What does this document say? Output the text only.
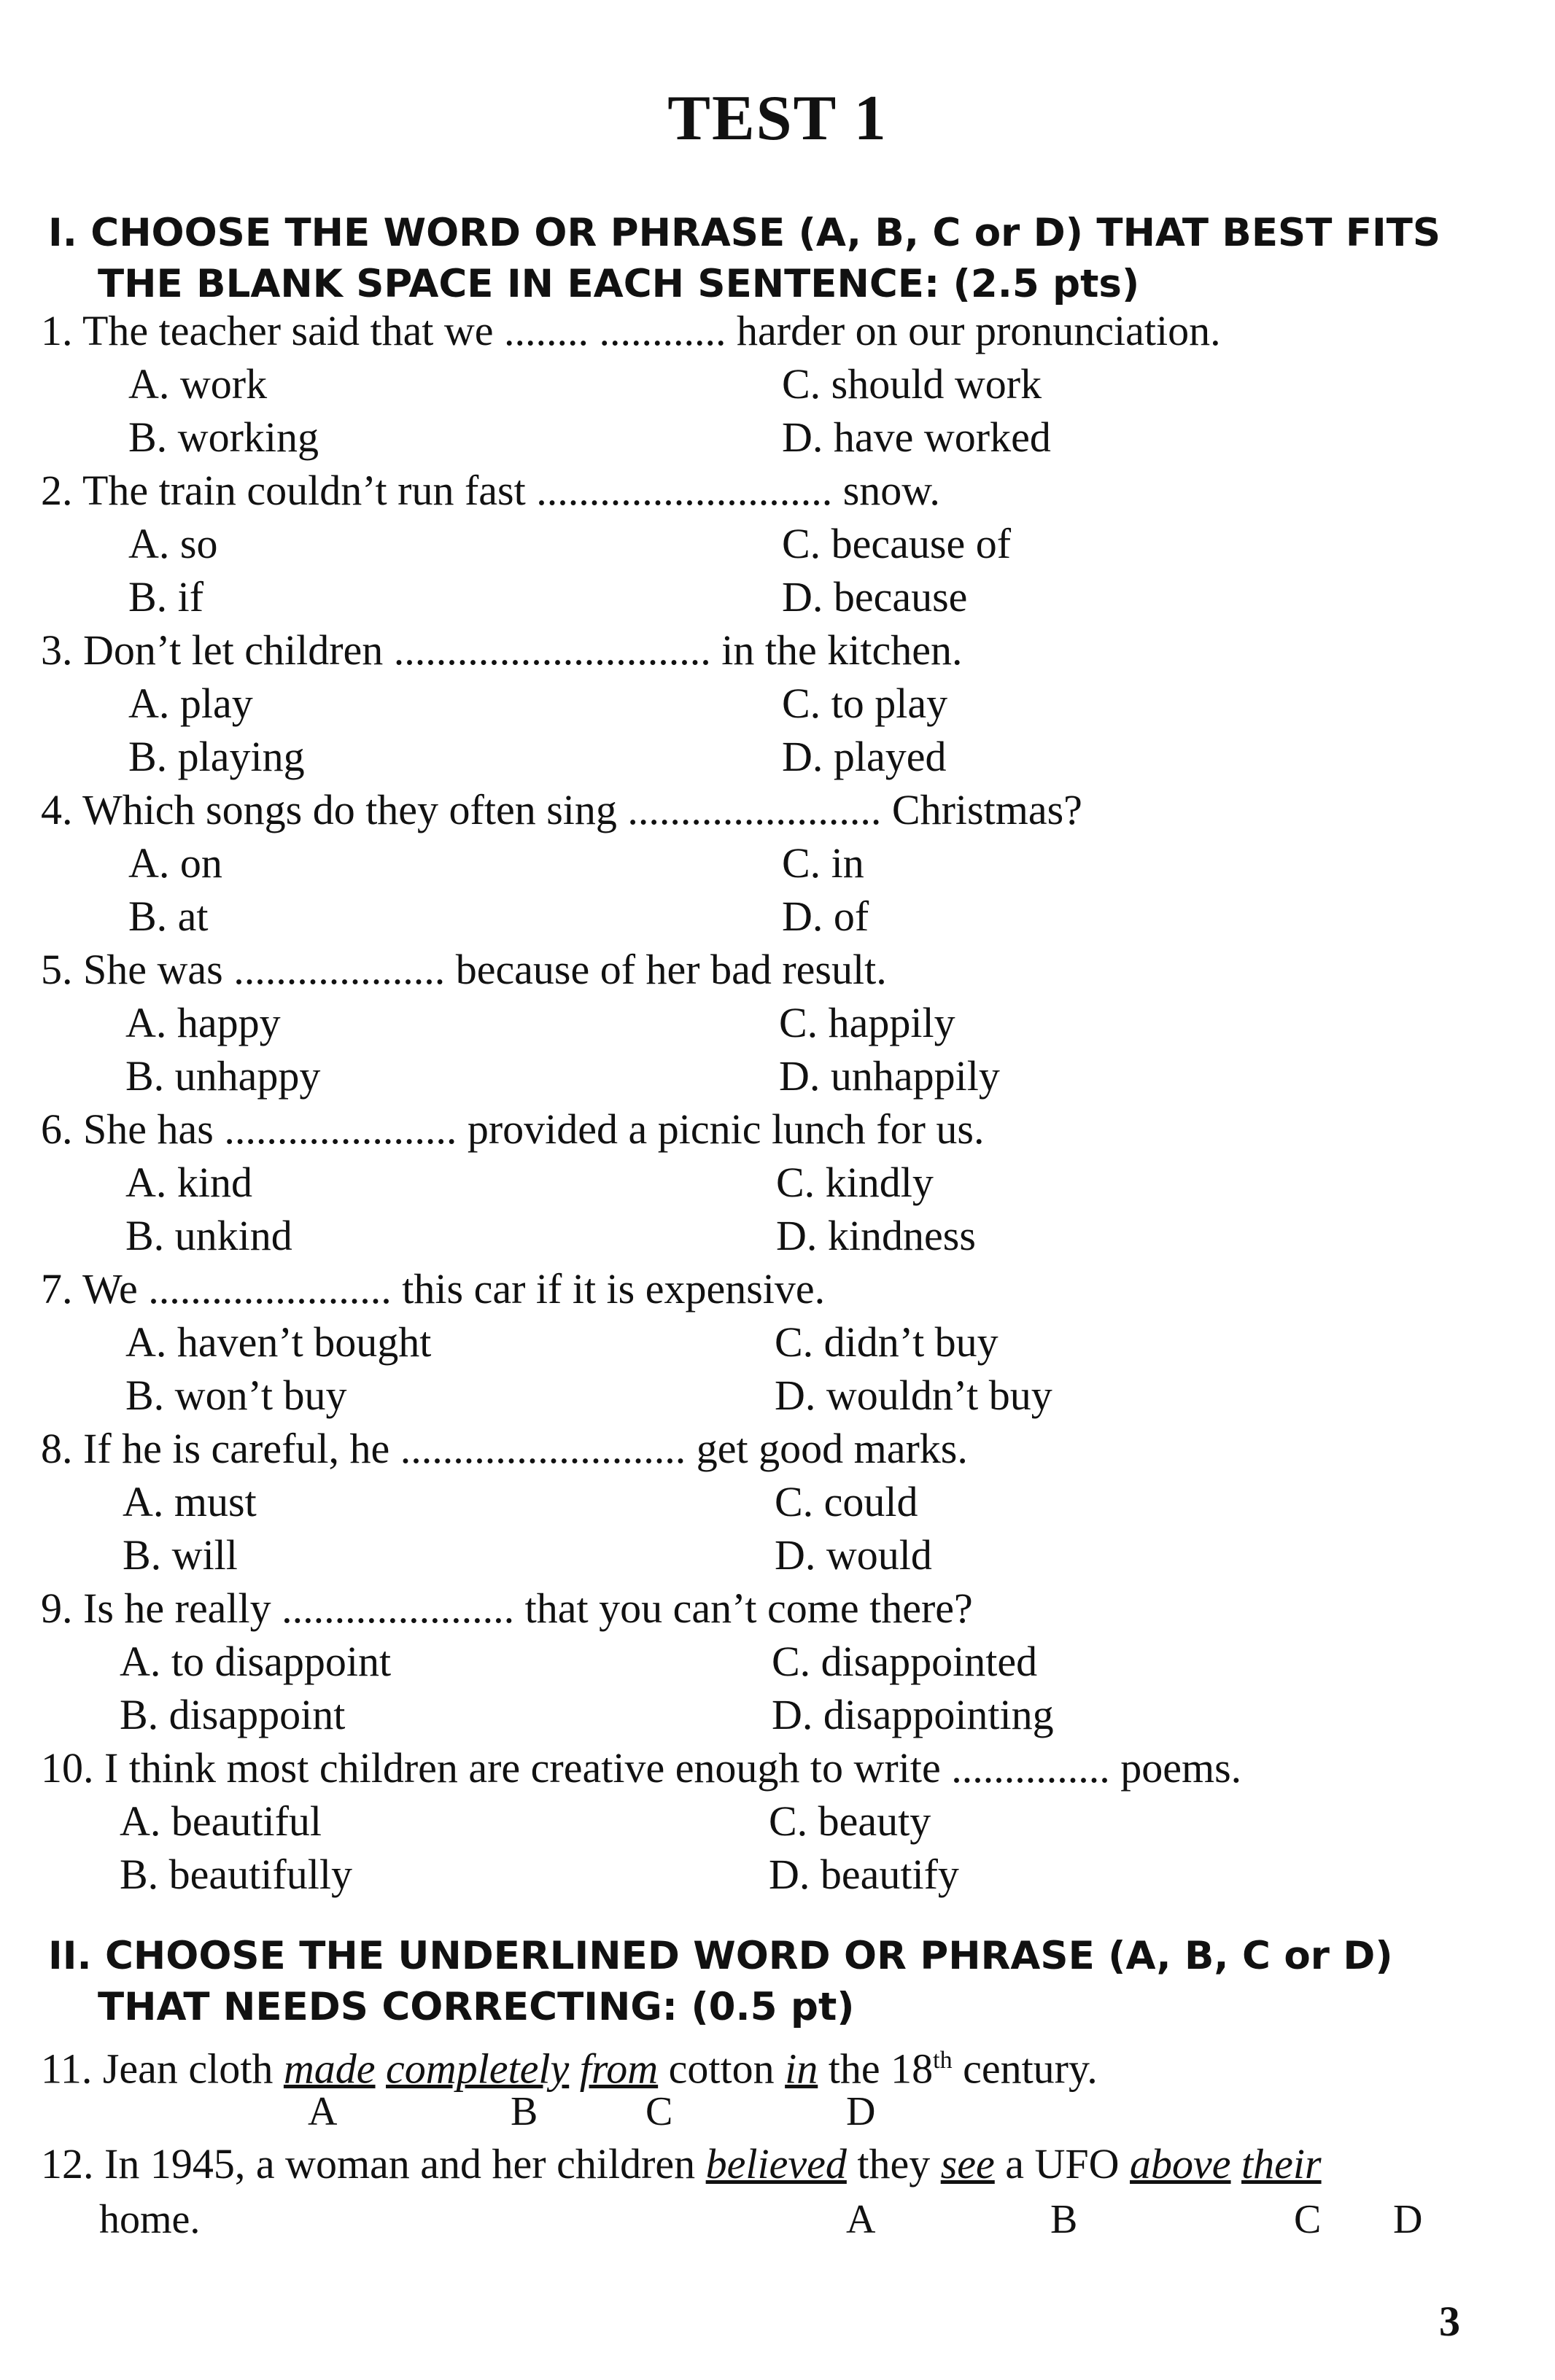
TEST 1
I. CHOOSE THE WORD OR PHRASE (A, B, C or D) THAT BEST FITS
THE BLANK SPACE IN EACH SENTENCE: (2.5 pts)
1. The teacher said that we ........ ............ harder on our pronunciation.
A. work
B. working
C. should work
D. have worked
2. The train couldn’t run fast ............................ snow.
A. so
B. if
C. because of
D. because
3. Don’t let children .............................. in the kitchen.
A. play
B. playing
C. to play
D. played
4. Which songs do they often sing ........................ Christmas?
A. on
B. at
C. in
D. of
5. She was .................... because of her bad result.
A. happy
B. unhappy
C. happily
D. unhappily
6. She has ...................... provided a picnic lunch for us.
A. kind
B. unkind
C. kindly
D. kindness
7. We ....................... this car if it is expensive.
A. haven’t bought
B. won’t buy
C. didn’t buy
D. wouldn’t buy
8. If he is careful, he ........................... get good marks.
A. must
B. will
C. could
D. would
9. Is he really ...................... that you can’t come there?
A. to disappoint
B. disappoint
C. disappointed
D. disappointing
10. I think most children are creative enough to write ............... poems.
A. beautiful
B. beautifully
C. beauty
D. beautify
II. CHOOSE THE UNDERLINED WORD OR PHRASE (A, B, C or D)
THAT NEEDS CORRECTING: (0.5 pt)
11. Jean cloth made completely from cotton in the 18th century.
A	B	C	D
12. In 1945, a woman and her children believed they see a UFO above their
home.	A	B	C D
3
